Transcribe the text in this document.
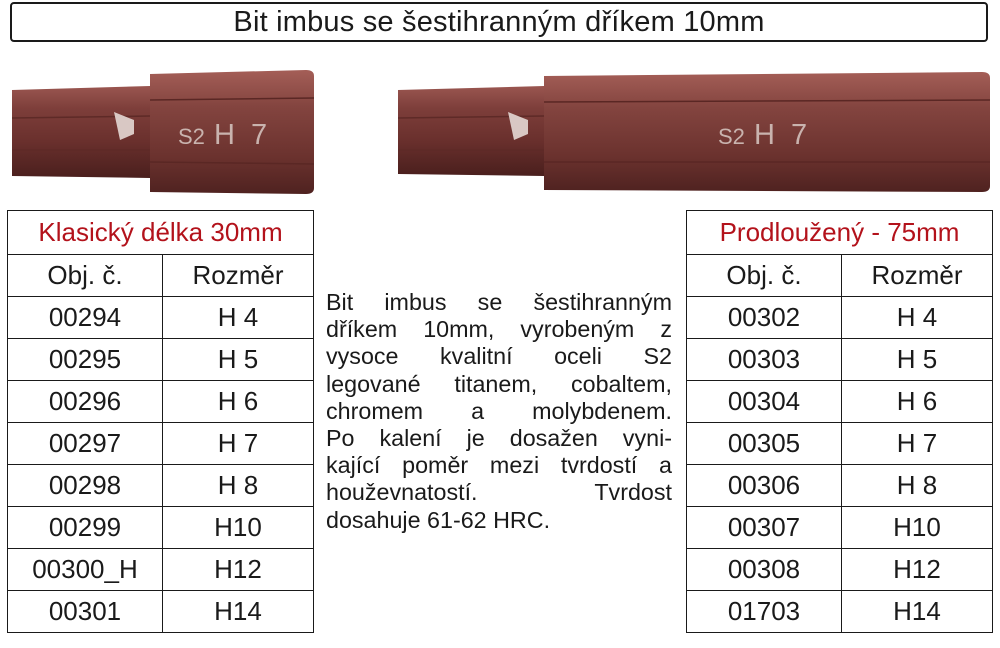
Bit imbus se šestihranným dříkem 10mm
S2 H 7	S2 H 7
Klasický délka 30mm	
Obj. č.	Rozměr
00294	H 4
00295	H 5
00296	H 6
00297	H 7
00298	H 8
00299	H10
00300_H	H12
00301	H14
Bit imbus se šestihranným
dříkem 10mm, vyrobeným z
vysoce kvalitní oceli S2
legované titanem, cobaltem,
chromem a molybdenem.
Po kalení je dosažen vyni-
kající poměr mezi tvrdostí a
houževnatostí. Tvrdost
dosahuje 61-62 HRC.
Prodloužený - 75mm	
Obj. č.	Rozměr
00302	H 4
00303	H 5
00304	H 6
00305	H 7
00306	H 8
00307	H10
00308	H12
01703	H14
